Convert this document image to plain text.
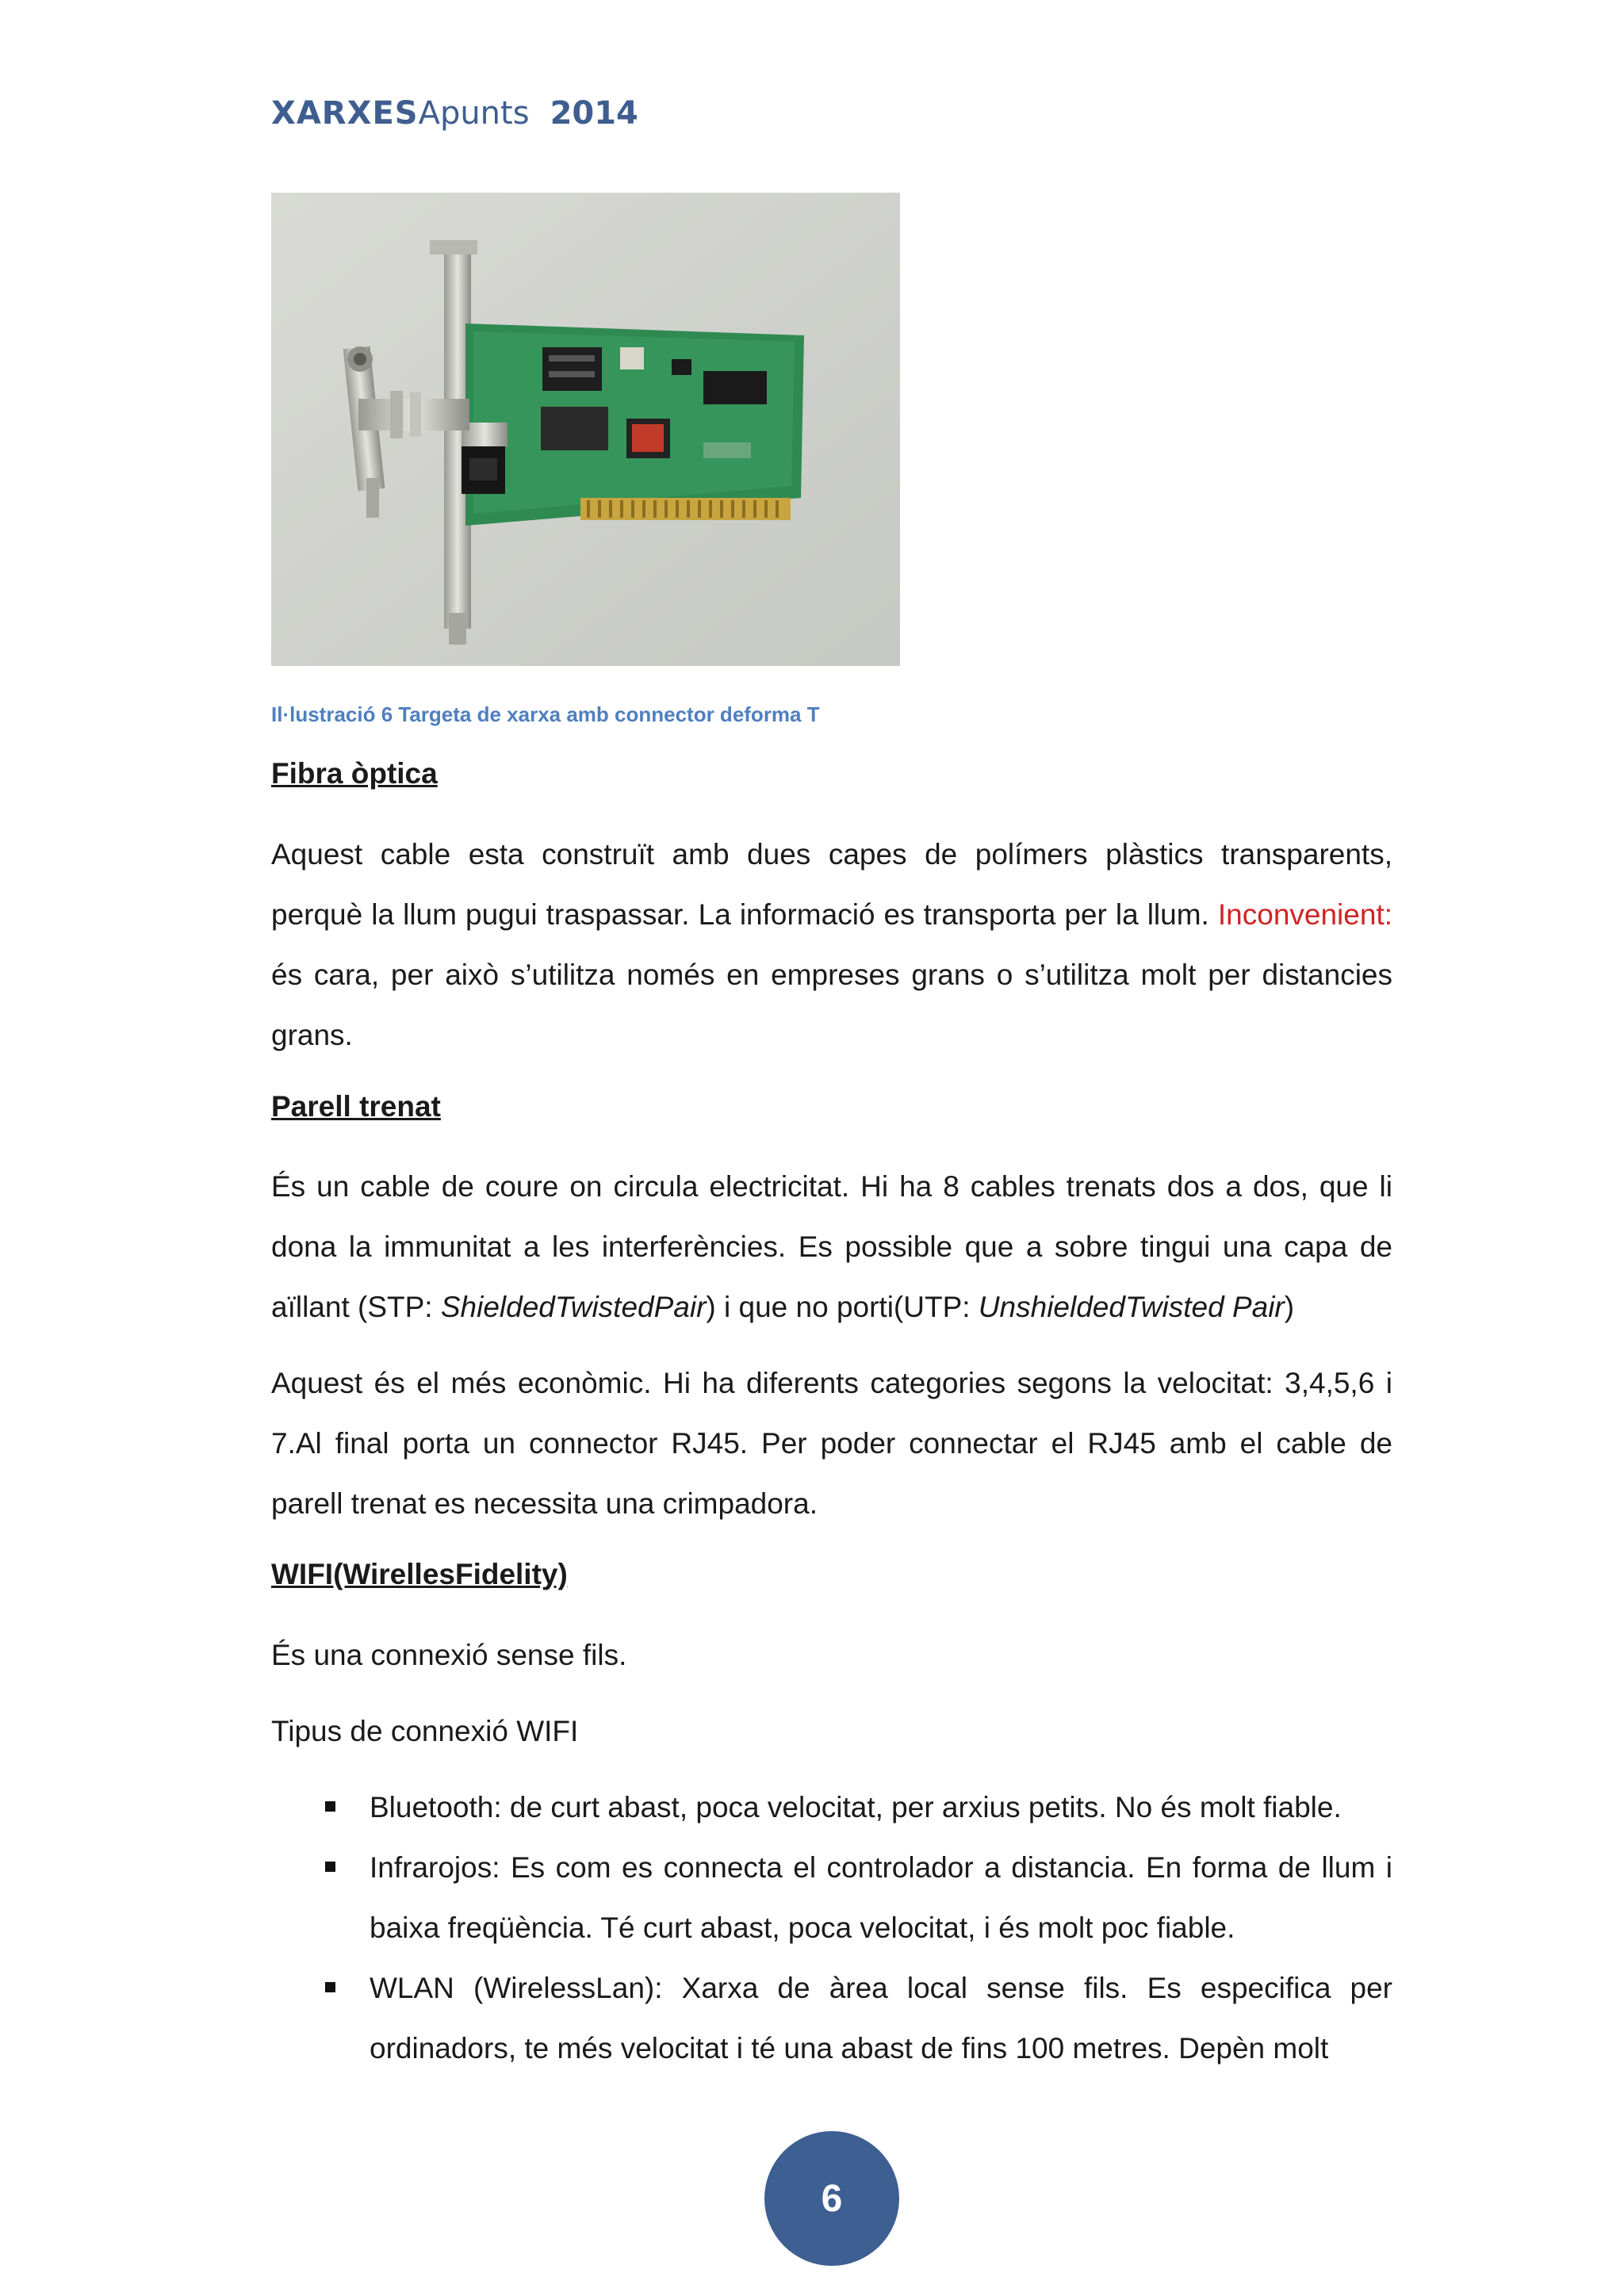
XARXES Apunts 2014
Il·lustració 6 Targeta de xarxa amb connector deforma T
Fibra òptica
Aquest cable esta construït amb dues capes de polímers plàstics transparents, perquè la llum pugui traspassar. La informació es transporta per la llum. Inconvenient: és cara, per això s’utilitza només en empreses grans o s’utilitza molt per distancies grans.
Parell trenat
És un cable de coure on circula electricitat. Hi ha 8 cables trenats dos a dos, que li dona la immunitat a les interferències. Es possible que a sobre tingui una capa de aïllant (STP: ShieldedTwistedPair) i que no porti(UTP: UnshieldedTwisted Pair)
Aquest és el més econòmic. Hi ha diferents categories segons la velocitat: 3,4,5,6 i 7.Al final porta un connector RJ45. Per poder connectar el RJ45 amb el cable de parell trenat es necessita una crimpadora.
WIFI(WirellesFidelity)
És una connexió sense fils.
Tipus de connexió WIFI
Bluetooth: de curt abast, poca velocitat, per arxius petits. No és molt fiable.
Infrarojos: Es com es connecta el controlador a distancia. En forma de llum i baixa freqüència. Té curt abast, poca velocitat, i és molt poc fiable.
WLAN (WirelessLan): Xarxa de àrea local sense fils. Es especifica per ordinadors, te més velocitat i té una abast de fins 100 metres. Depèn molt
6
